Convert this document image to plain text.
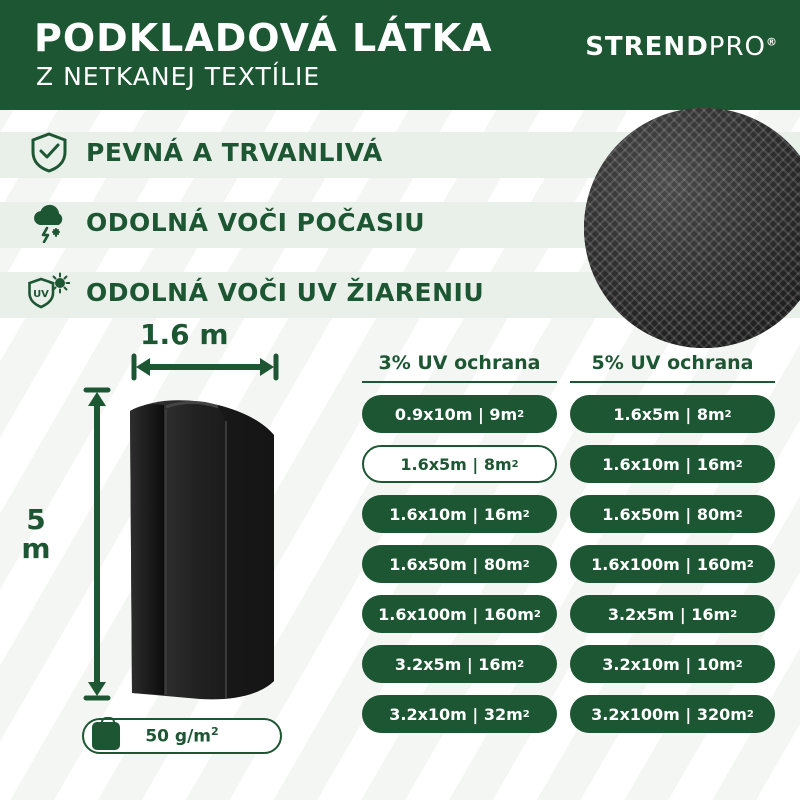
PODKLADOVÁ LÁTKA
Z NETKANEJ TEXTÍLIE
STRENDPRO®
PEVNÁ A TRVANLIVÁ
ODOLNÁ VOČI POČASIU
UV ODOLNÁ VOČI UV ŽIARENIU
1.6 m
5 m
50 $g/m^2$
3% UV ochrana
0.9x10m | 9m 2
1.6x5m | 8m 2
1.6x10m | 16m 2
1.6x50m | 80m 2
1.6x100m | 160m 2
3.2x5m | 16m 2
3.2x10m | 32m 2
5% UV ochrana
1.6x5m | 8m 2
1.6x10m | 16m 2
1.6x50m | 80m 2
1.6x100m | 160m 2
3.2x5m | 16m 2
3.2x10m | 10m 2
3.2x100m | 320m 2
